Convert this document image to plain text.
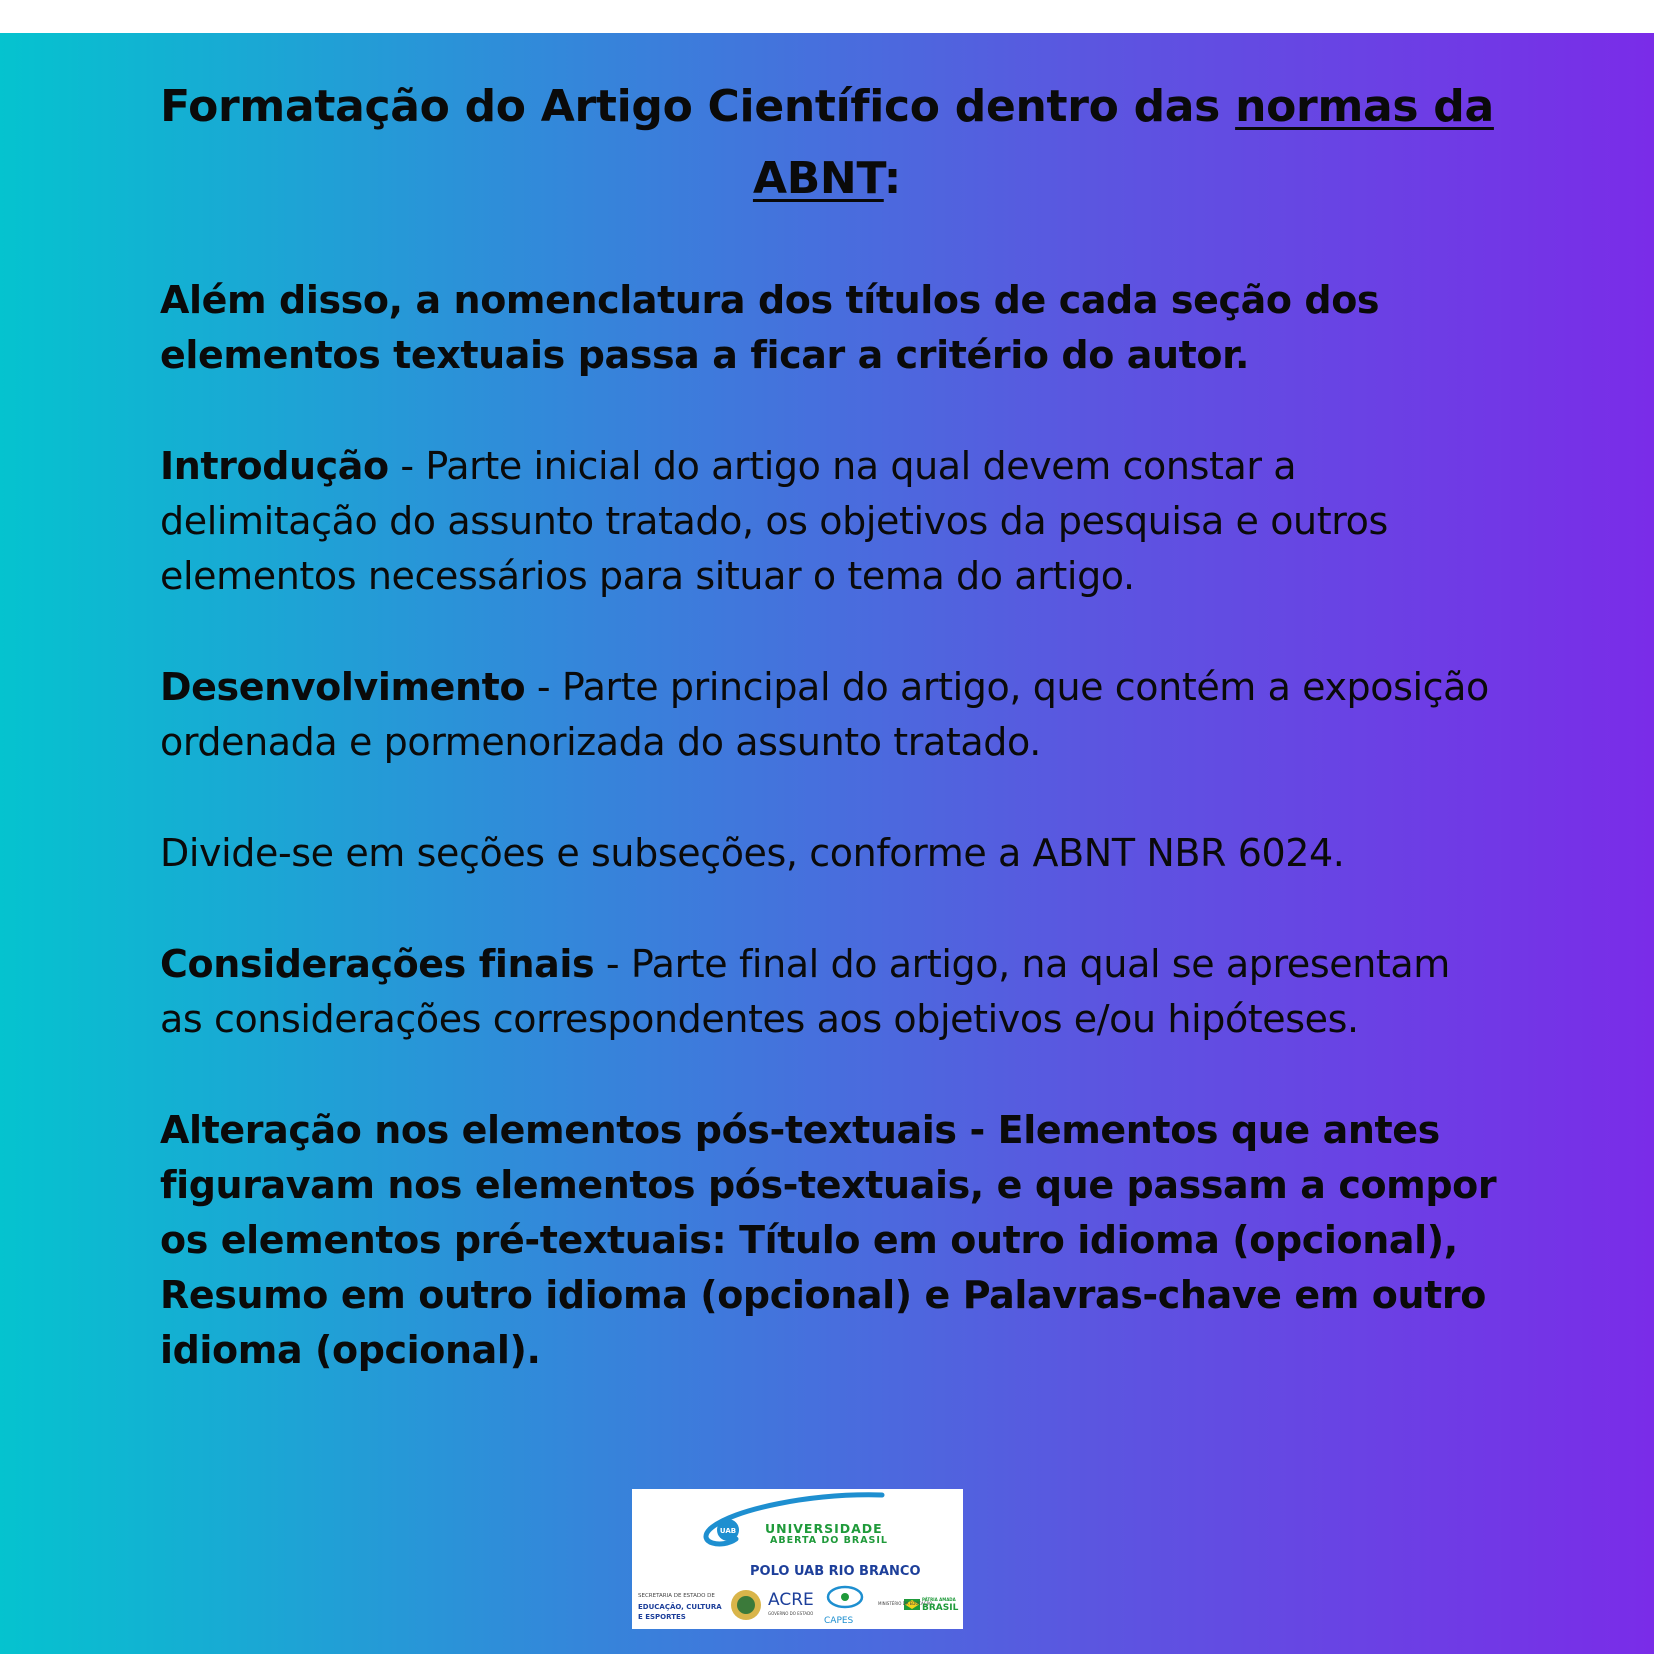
Formatação do Artigo Científico dentro das normas da ABNT:

Além disso, a nomenclatura dos títulos de cada seção dos elementos textuais passa a ficar a critério do autor.

Introdução - Parte inicial do artigo na qual devem constar a delimitação do assunto tratado, os objetivos da pesquisa e outros elementos necessários para situar o tema do artigo.

Desenvolvimento - Parte principal do artigo, que contém a exposição ordenada e pormenorizada do assunto tratado.

Divide-se em seções e subseções, conforme a ABNT NBR 6024.

Considerações finais - Parte final do artigo, na qual se apresentam as considerações correspondentes aos objetivos e/ou hipóteses.

Alteração nos elementos pós-textuais - Elementos que antes figuravam nos elementos pós-textuais, e que passam a compor os elementos pré-textuais: Título em outro idioma (opcional), Resumo em outro idioma (opcional) e Palavras-chave em outro idioma (opcional).

UAB UNIVERSIDADE
ABERTA DO BRASIL
POLO UAB RIO BRANCO
SECRETARIA DE ESTADO DE
EDUCAÇÃO, CULTURA
E ESPORTES
ACRE
GOVERNO DO ESTADO
CAPES
MINISTÉRIO DA EDUCAÇÃO
PÁTRIA AMADA
BRASIL
